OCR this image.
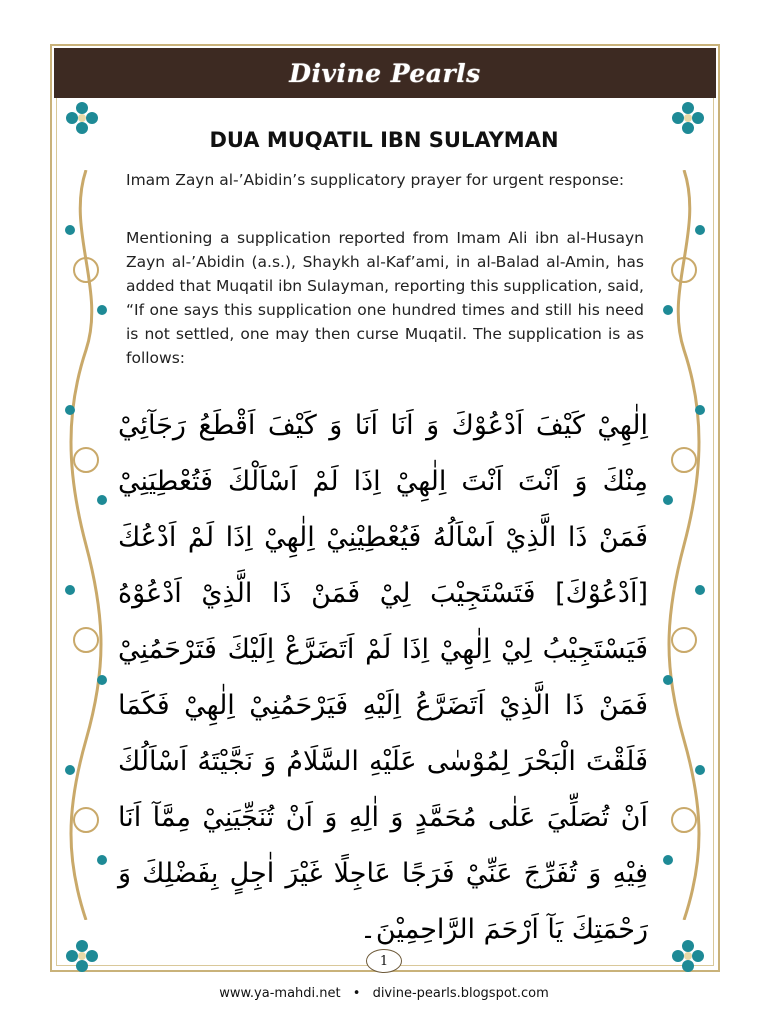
Divine Pearls
DUA MUQATIL IBN SULAYMAN

Imam Zayn al-’Abidin’s supplicatory prayer for urgent response:

Mentioning a supplication reported from Imam Ali ibn al-Husayn Zayn al-’Abidin (a.s.), Shaykh al-Kaf’ami, in al-Balad al-Amin, has added that Muqatil ibn Sulayman, reporting this supplication, said, “If one says this supplication one hundred times and still his need is not settled, one may then curse Muqatil. The supplication is as follows:

اِلٰهِيْ كَيْفَ اَدْعُوْكَ وَ اَنَا اَنَا وَ كَيْفَ اَقْطَعُ رَجَآئِيْ مِنْكَ وَ اَنْتَ اَنْتَ اِلٰهِيْ اِذَا لَمْ اَسْاَلْكَ فَتُعْطِيَنِيْ فَمَنْ ذَا الَّذِيْ اَسْاَلُهُ فَيُعْطِيْنِيْ اِلٰهِيْ اِذَا لَمْ اَدْعُكَ [اَدْعُوْكَ] فَتَسْتَجِيْبَ لِيْ فَمَنْ ذَا الَّذِيْ اَدْعُوْهُ فَيَسْتَجِيْبُ لِيْ اِلٰهِيْ اِذَا لَمْ اَتَضَرَّعْ اِلَيْكَ فَتَرْحَمُنِيْ فَمَنْ ذَا الَّذِيْ اَتَضَرَّعُ اِلَيْهِ فَيَرْحَمُنِيْ اِلٰهِيْ فَكَمَا فَلَقْتَ الْبَحْرَ لِمُوْسٰى عَلَيْهِ السَّلَامُ وَ نَجَّيْتَهُ اَسْاَلُكَ اَنْ تُصَلِّيَ عَلٰى مُحَمَّدٍ وَ اٰلِهِ وَ اَنْ تُنَجِّيَنِيْ مِمَّآ اَنَا فِيْهِ وَ تُفَرِّجَ عَنِّيْ فَرَجًا عَاجِلًا غَيْرَ اٰجِلٍ بِفَضْلِكَ وَ رَحْمَتِكَ يَآ اَرْحَمَ الرَّاحِمِيْنَ۔

1
www.ya-mahdi.net • divine-pearls.blogspot.com
